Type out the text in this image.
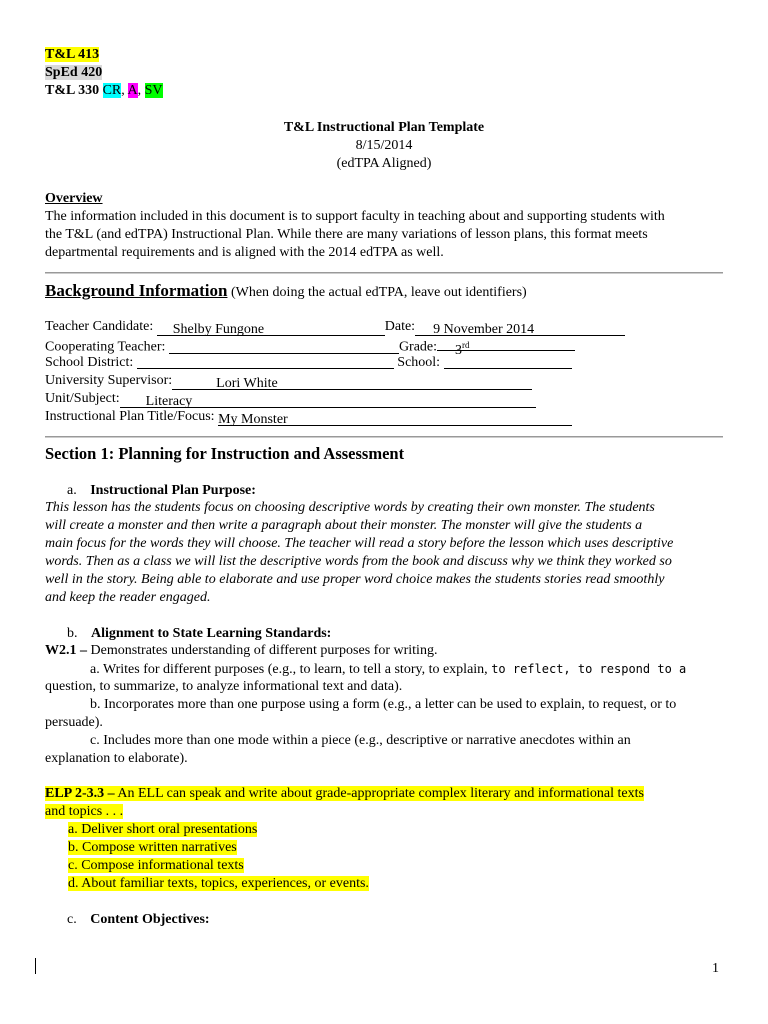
T&L 413
SpEd 420
T&L 330 CR, A, SV
T&L Instructional Plan Template
8/15/2014
(edTPA Aligned)
Overview
The information included in this document is to support faculty in teaching about and supporting students with
the T&L (and edTPA) Instructional Plan. While there are many variations of lesson plans, this format meets
departmental requirements and is aligned with the 2014 edTPA as well.
Background Information (When doing the actual edTPA, leave out identifiers)
Teacher Candidate: Shelby Fungone	Date: 9 November 2014
Cooperating Teacher:	Grade: 3rd
School District:	School:
University Supervisor:	Lori White
Unit/Subject: Literacy
Instructional Plan Title/Focus: My Monster
Section 1: Planning for Instruction and Assessment
a. Instructional Plan Purpose:
This lesson has the students focus on choosing descriptive words by creating their own monster. The students
will create a monster and then write a paragraph about their monster. The monster will give the students a
main focus for the words they will choose. The teacher will read a story before the lesson which uses descriptive
words. Then as a class we will list the descriptive words from the book and discuss why we think they worked so
well in the story. Being able to elaborate and use proper word choice makes the students stories read smoothly
and keep the reader engaged.
b. Alignment to State Learning Standards:
W2.1 – Demonstrates understanding of different purposes for writing.
a. Writes for different purposes (e.g., to learn, to tell a story, to explain, to reflect, to respond to a
question, to summarize, to analyze informational text and data).
b. Incorporates more than one purpose using a form (e.g., a letter can be used to explain, to request, or to
persuade).
c. Includes more than one mode within a piece (e.g., descriptive or narrative anecdotes within an
explanation to elaborate).
ELP 2-3.3 – An ELL can speak and write about grade-appropriate complex literary and informational texts
and topics . . .
a. Deliver short oral presentations
b. Compose written narratives
c. Compose informational texts
d. About familiar texts, topics, experiences, or events.
c. Content Objectives:
1
